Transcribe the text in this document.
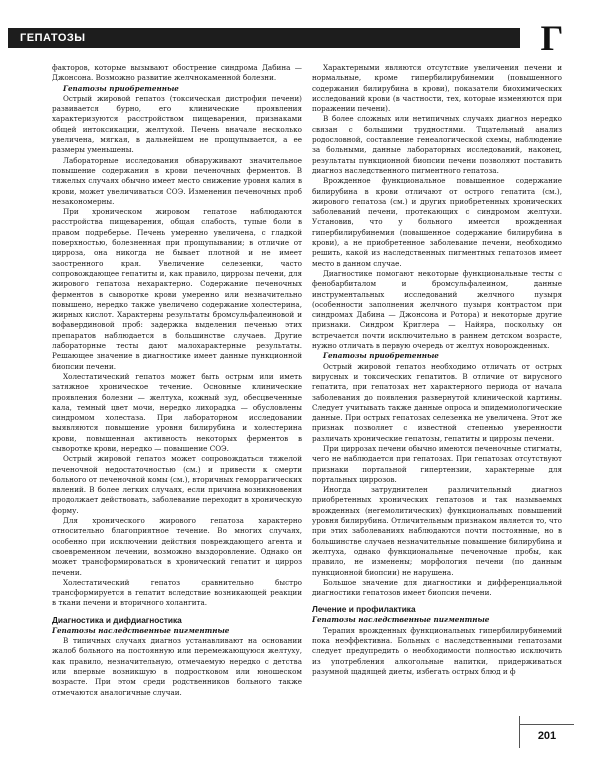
ГЕПАТОЗЫ	Г

факторов, которые вызывают обострение синдрома Дабина — Джонсона. Возможно развитие желчнокаменной болезни.

Гепатозы приобретенные

Острый жировой гепатоз (токсическая дистрофия печени) развивается бурно, его клинические проявления характеризуются расстройством пищеварения, признаками общей интоксикации, желтухой. Печень вначале несколько увеличена, мягкая, в дальнейшем не прощупывается, а ее размеры уменьшены.

Лабораторные исследования обнаруживают значительное повышение содержания в крови печеночных ферментов. В тяжелых случаях обычно имеет место снижение уровня калия в крови, может увеличиваться СОЭ. Изменения печеночных проб незакономерны.

При хроническом жировом гепатозе наблюдаются расстройства пищеварения, общая слабость, тупые боли в правом подреберье. Печень умеренно увеличена, с гладкой поверхностью, болезненная при прощупывании; в отличие от цирроза, она никогда не бывает плотной и не имеет заостренного края. Увеличение селезенки, часто сопровождающее гепатиты и, как правило, циррозы печени, для жирового гепатоза нехарактерно. Содержание печеночных ферментов в сыворотке крови умеренно или незначительно повышено, нередко также увеличено содержание холестерина, жирных кислот. Характерны результаты бромсульфалеиновой и вофавердиновой проб: задержка выделения печенью этих препаратов наблюдается в большинстве случаев. Другие лабораторные тесты дают малохарактерные результаты. Решающее значение в диагностике имеет данные пункционной биопсии печени.

Холестатический гепатоз может быть острым или иметь затяжное хроническое течение. Основные клинические проявления болезни — желтуха, кожный зуд, обесцвеченные кала, темный цвет мочи, нередко лихорадка — обусловлены синдромом холестаза. При лабораторном исследовании выявляются повышение уровня билирубина и холестерина крови, повышенная активность некоторых ферментов в сыворотке крови, нередко — повышение СОЭ.

Острый жировой гепатоз может сопровождаться тяжелой печеночной недостаточностью (см.) и привести к смерти больного от печеночной комы (см.), вторичных геморрагических явлений. В более легких случаях, если причина возникновения продолжает действовать, заболевание переходит в хроническую форму.

Для хронического жирового гепатоза характерно относительно благоприятное течение. Во многих случаях, особенно при исключении действия повреждающего агента и своевременном лечении, возможно выздоровление. Однако он может трансформироваться в хронический гепатит и цирроз печени.

Холестатический гепатоз сравнительно быстро трансформируется в гепатит вследствие возникающей реакции в ткани печени и вторичного холангита.

Диагностика и дифдиагностика
Гепатозы наследственные пигментные

В типичных случаях диагноз устанавливают на основании жалоб больного на постоянную или перемежающуюся желтуху, как правило, незначительную, отмечаемую нередко с детства или впервые возникшую в подростковом или юношеском возрасте. При этом среди родственников больного также отмечаются аналогичные случаи.

Характерными являются отсутствие увеличения печени и нормальные, кроме гипербилирубинемии (повышенного содержания билирубина в крови), показатели биохимических исследований крови (в частности, тех, которые изменяются при поражении печени).

В более сложных или нетипичных случаях диагноз нередко связан с большими трудностями. Тщательный анализ родословной, составление генеалогической схемы, наблюдение за больными, данные лабораторных исследований, наконец, результаты пункционной биопсии печени позволяют поставить диагноз наследственного пигментного гепатоза.

Врожденное функциональное повышенное содержание билирубина в крови отличают от острого гепатита (см.), жирового гепатоза (см.) и других приобретенных хронических заболеваний печени, протекающих с синдромом желтухи. Установив, что у больного имеется врожденная гипербилирубинемия (повышенное содержание билирубина в крови), а не приобретенное заболевание печени, необходимо решить, какой из наследственных пигментных гепатозов имеет место в данном случае.

Диагностике помогают некоторые функциональные тесты с фенобарбиталом и бромсульфалеином, данные инструментальных исследований желчного пузыря (особенности заполнения желчного пузыря контрастом при синдромах Дабина — Джонсона и Ротора) и некоторые другие признаки. Синдром Криглера — Найяра, поскольку он встречается почти исключительно в раннем детском возрасте, нужно отличать в первую очередь от желтух новорожденных.

Гепатозы приобретенные

Острый жировой гепатоз необходимо отличать от острых вирусных и токсических гепатитов. В отличие от вирусного гепатита, при гепатозах нет характерного периода от начала заболевания до появления развернутой клинической картины. Следует учитывать также данные опроса и эпидемиологические данные. При острых гепатозах селезенка не увеличена. Этот же признак позволяет с известной степенью уверенности различать хронические гепатозы, гепатиты и циррозы печени.

При циррозах печени обычно имеются печеночные стигматы, чего не наблюдается при гепатозах. При гепатозах отсутствуют признаки портальной гипертензии, характерные для портальных циррозов.

Иногда затруднителен различительный диагноз приобретенных хронических гепатозов и так называемых врожденных (негемолитических) функциональных повышений уровня билирубина. Отличительным признаком является то, что при этих заболеваниях наблюдаются почти постоянные, но в большинстве случаев незначительные повышение билирубина и желтуха, однако функциональные печеночные пробы, как правило, не изменены; морфология печени (по данным пункционной биопсии) не нарушена.

Большое значение для диагностики и дифференциальной диагностики гепатозов имеет биопсия печени.

Лечение и профилактика
Гепатозы наследственные пигментные

Терапия врожденных функциональных гипербилирубинемий пока неэффективна. Больных с наследственными гепатозами следует предупредить о необходимости полностью исключить из употребления алкогольные напитки, придерживаться разумной щадящей диеты, избегать острых блюд и ф

201
